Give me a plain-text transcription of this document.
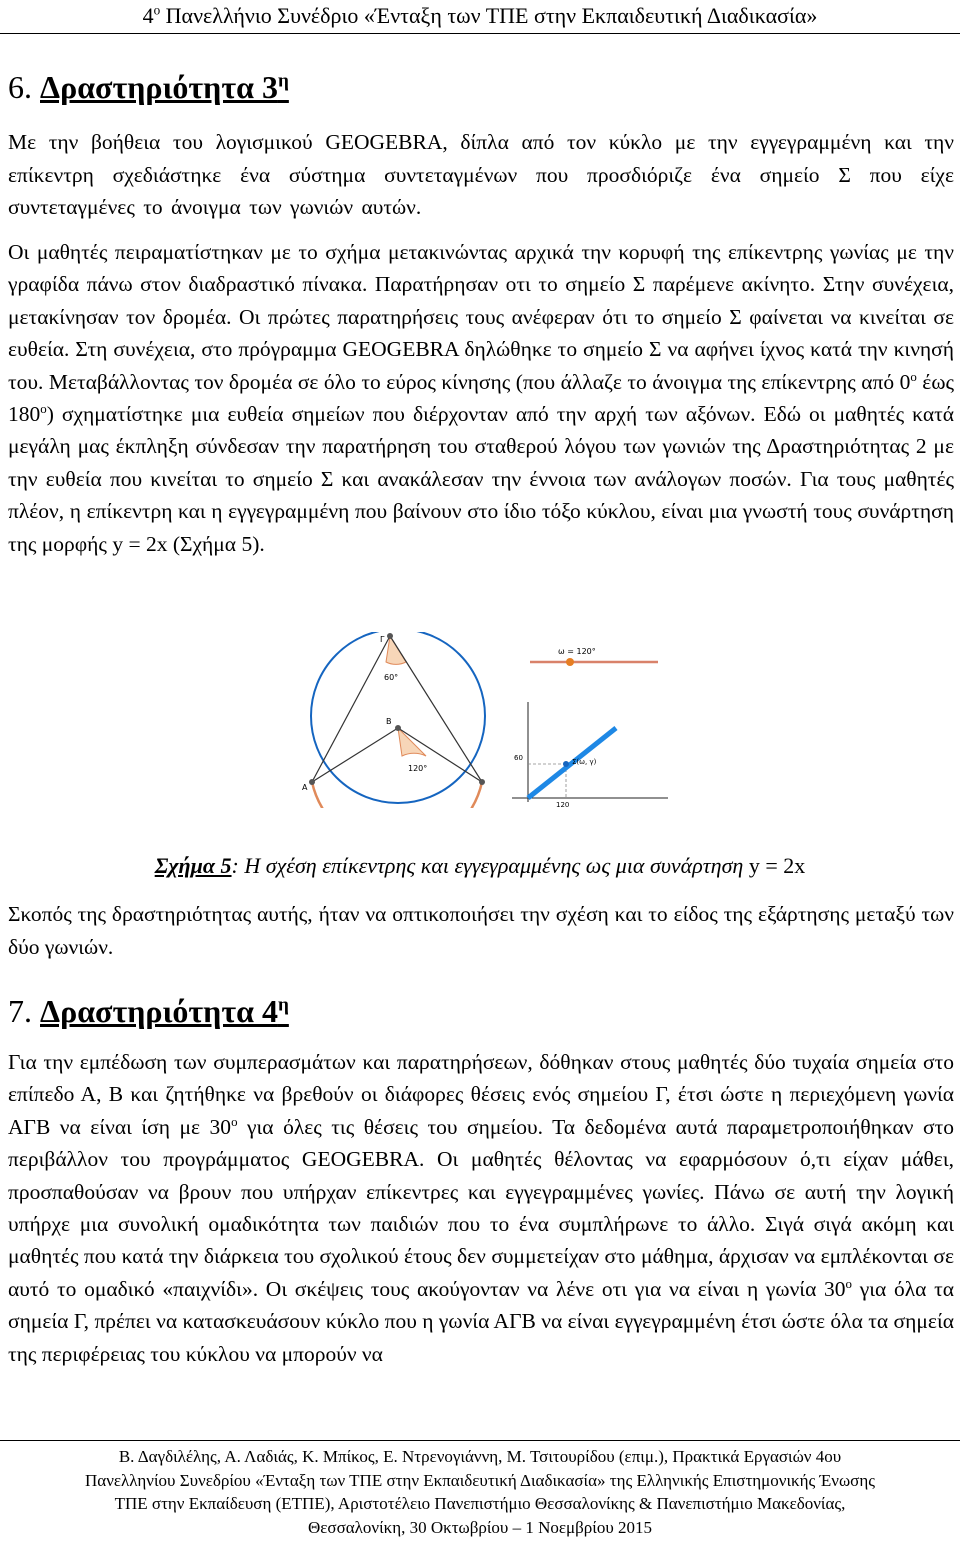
$4^o$ Πανελλήνιο Συνέδριο «Ένταξη των ΤΠΕ στην Εκπαιδευτική Διαδικασία»
6. Δραστηριότητα $3^\eta$

Με την βοήθεια του λογισμικού GEOGEBRA, δίπλα από τον κύκλο με την εγγεγραμμένη και την επίκεντρη σχεδιάστηκε ένα σύστημα συντεταγμένων που προσδιόριζε ένα σημείο Σ που είχε συντεταγμένες το άνοιγμα των γωνιών αυτών.

Οι μαθητές πειραματίστηκαν με το σχήμα μετακινώντας αρχικά την κορυφή της επίκεντρης γωνίας με την γραφίδα πάνω στον διαδραστικό πίνακα. Παρατήρησαν οτι το σημείο Σ παρέμενε ακίνητο. Στην συνέχεια, μετακίνησαν τον δρομέα. Οι πρώτες παρατηρήσεις τους ανέφεραν ότι το σημείο Σ φαίνεται να κινείται σε ευθεία. Στη συνέχεια, στο πρόγραμμα GEOGEBRA δηλώθηκε το σημείο Σ να αφήνει ίχνος κατά την κινησή του. Μεταβάλλοντας τον δρομέα σε όλο το εύρος κίνησης (που άλλαζε το άνοιγμα της επίκεντρης από $0^o$ έως $180^o$) σχηματίστηκε μια ευθεία σημείων που διέρχονταν από την αρχή των αξόνων. Εδώ οι μαθητές κατά μεγάλη μας έκπληξη σύνδεσαν την παρατήρηση του σταθερού λόγου των γωνιών της Δραστηριότητας 2 με την ευθεία που κινείται το σημείο Σ και ανακάλεσαν την έννοια των ανάλογων ποσών. Για τους μαθητές πλέον, η επίκεντρη και η εγγεγραμμένη που βαίνουν στο ίδιο τόξο κύκλου, είναι μια γνωστή τους συνάρτηση της μορφής y = 2x (Σχήμα 5).

Γ
60°
B
120°
A
ω = 120°
60	Σ(ω, γ)
120
Σχήμα 5: Η σχέση επίκεντρης και εγγεγραμμένης ως μια συνάρτηση y = 2x

Σκοπός της δραστηριότητας αυτής, ήταν να οπτικοποιήσει την σχέση και το είδος της εξάρτησης μεταξύ των δύο γωνιών.

7. Δραστηριότητα $4^\eta$

Για την εμπέδωση των συμπερασμάτων και παρατηρήσεων, δόθηκαν στους μαθητές δύο τυχαία σημεία στο επίπεδο Α, Β και ζητήθηκε να βρεθούν οι διάφορες θέσεις ενός σημείου Γ, έτσι ώστε η περιεχόμενη γωνία ΑΓΒ να είναι ίση με $30^o$ για όλες τις θέσεις του σημείου. Τα δεδομένα αυτά παραμετροποιήθηκαν στο περιβάλλον του προγράμματος GEOGEBRA. Οι μαθητές θέλοντας να εφαρμόσουν ό,τι είχαν μάθει, προσπαθούσαν να βρουν που υπήρχαν επίκεντρες και εγγεγραμμένες γωνίες. Πάνω σε αυτή την λογική υπήρχε μια συνολική ομαδικότητα των παιδιών που το ένα συμπλήρωνε το άλλο. Σιγά σιγά ακόμη και μαθητές που κατά την διάρκεια του σχολικού έτους δεν συμμετείχαν στο μάθημα, άρχισαν να εμπλέκονται σε αυτό το ομαδικό «παιχνίδι». Οι σκέψεις τους ακούγονταν να λένε οτι για να είναι η γωνία $30^o$ για όλα τα σημεία Γ, πρέπει να κατασκευάσουν κύκλο που η γωνία ΑΓΒ να είναι εγγεγραμμένη έτσι ώστε όλα τα σημεία της περιφέρειας του κύκλου να μπορούν να

Β. Δαγδιλέλης, Α. Λαδιάς, Κ. Μπίκος, Ε. Ντρενογιάννη, Μ. Τσιτουρίδου (επιμ.), Πρακτικά Εργασιών 4ου
Πανελληνίου Συνεδρίου «Ένταξη των ΤΠΕ στην Εκπαιδευτική Διαδικασία» της Ελληνικής Επιστημονικής Ένωσης
ΤΠΕ στην Εκπαίδευση (ΕΤΠΕ), Αριστοτέλειο Πανεπιστήμιο Θεσσαλονίκης & Πανεπιστήμιο Μακεδονίας,
Θεσσαλονίκη, 30 Οκτωβρίου – 1 Νοεμβρίου 2015
